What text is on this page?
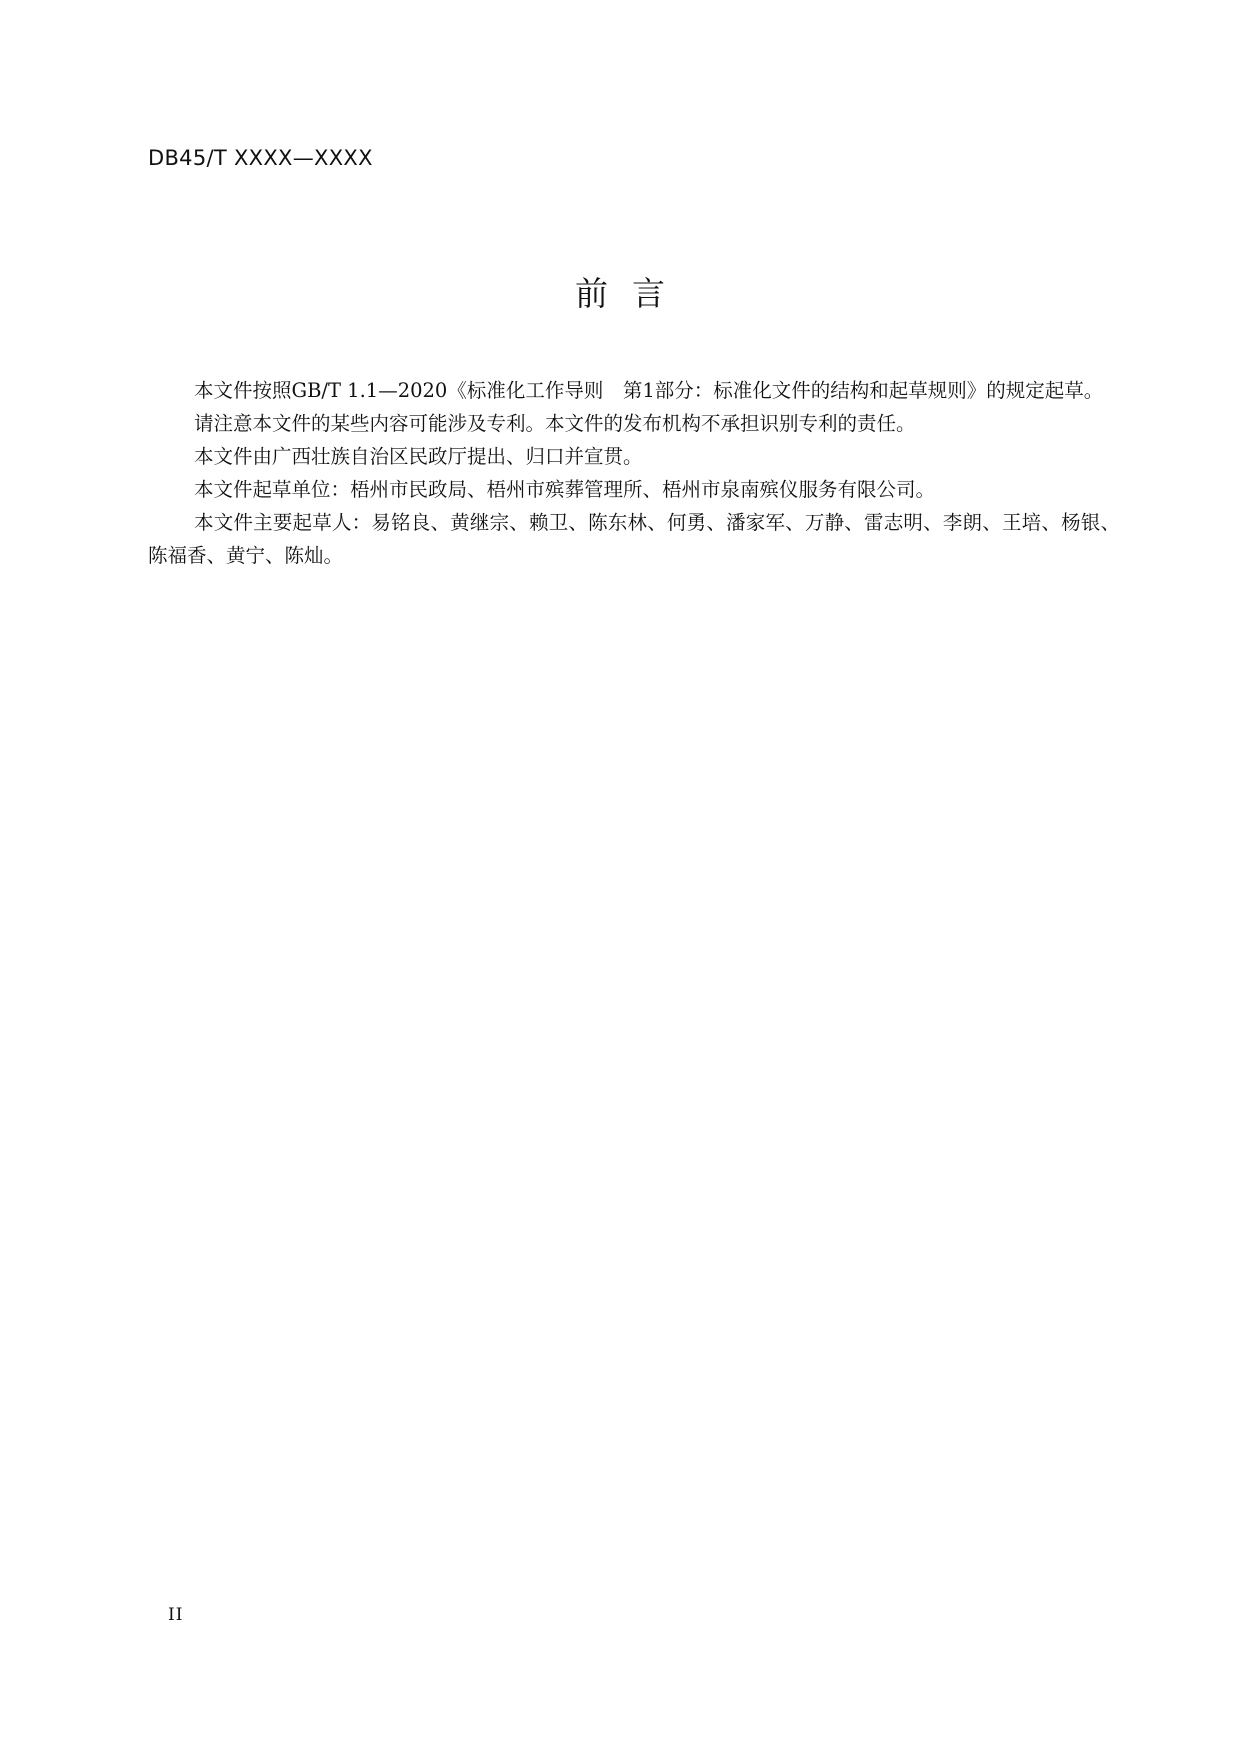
DB45/T XXXX—XXXX
前言

本文件按照GB/T 1.1—2020《标准化工作导则　第1部分：标准化文件的结构和起草规则》的规定起草。

请注意本文件的某些内容可能涉及专利。本文件的发布机构不承担识别专利的责任。

本文件由广西壮族自治区民政厅提出、归口并宣贯。

本文件起草单位：梧州市民政局、梧州市殡葬管理所、梧州市泉南殡仪服务有限公司。

本文件主要起草人：易铭良、黄继宗、赖卫、陈东林、何勇、潘家军、万静、雷志明、李朗、王培、杨银、陈福香、黄宁、陈灿。

II
